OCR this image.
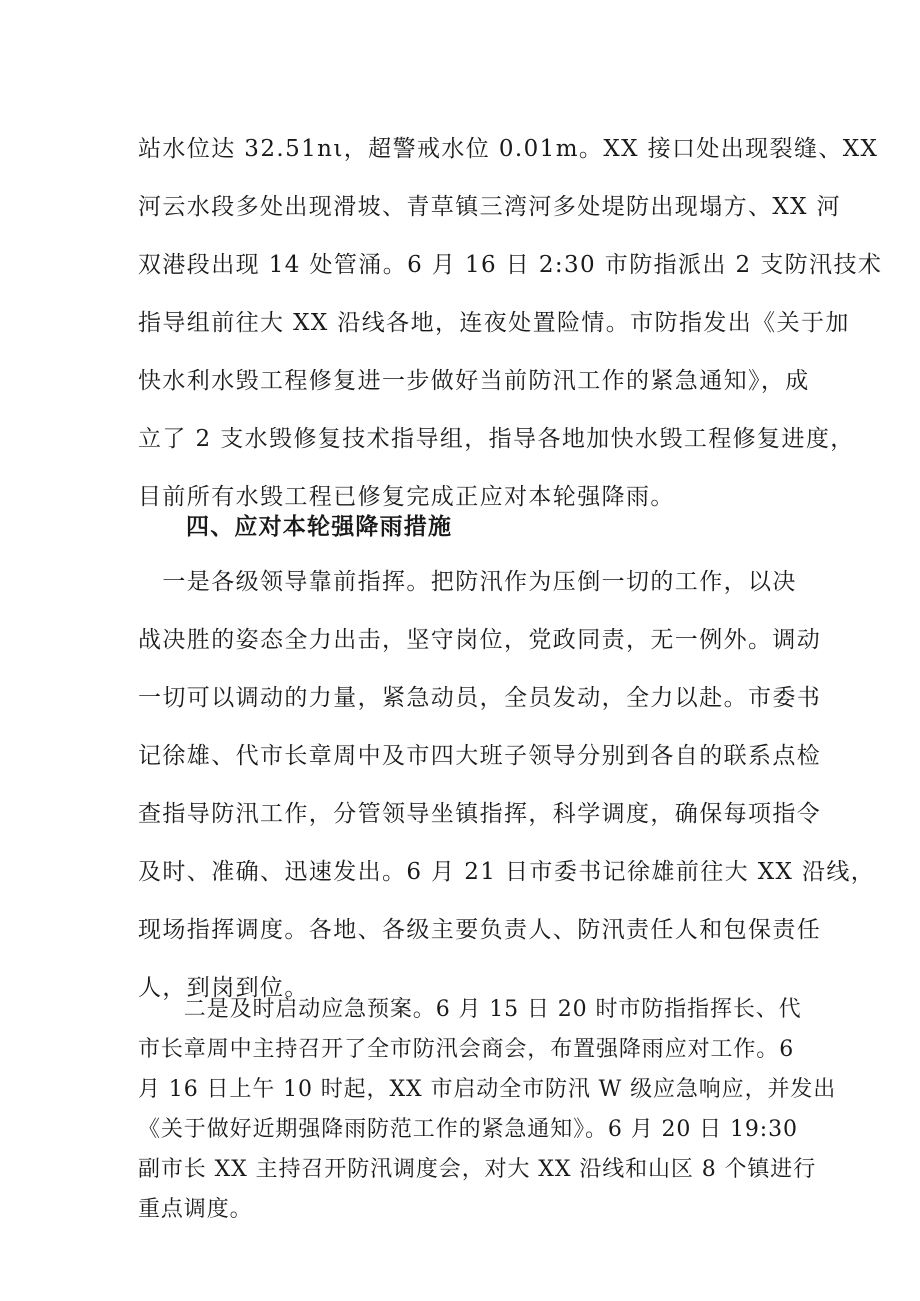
站水位达 32.51nι，超警戒水位 0.01m。XX 接口处出现裂缝、XX
河云水段多处出现滑坡、青草镇三湾河多处堤防出现塌方、XX 河
双港段出现 14 处管涌。6 月 16 日 2:30 市防指派出 2 支防汛技术
指导组前往大 XX 沿线各地，连夜处置险情。市防指发出《关于加
快水利水毁工程修复进一步做好当前防汛工作的紧急通知》，成
立了 2 支水毁修复技术指导组，指导各地加快水毁工程修复进度，
目前所有水毁工程已修复完成正应对本轮强降雨。
四、应对本轮强降雨措施
　一是各级领导靠前指挥。把防汛作为压倒一切的工作，以决
战决胜的姿态全力出击，坚守岗位，党政同责，无一例外。调动
一切可以调动的力量，紧急动员，全员发动，全力以赴。市委书
记徐雄、代市长章周中及市四大班子领导分别到各自的联系点检
查指导防汛工作，分管领导坐镇指挥，科学调度，确保每项指令
及时、准确、迅速发出。6 月 21 日市委书记徐雄前往大 XX 沿线，
现场指挥调度。各地、各级主要负责人、防汛责任人和包保责任
人，到岗到位。
　　二是及时启动应急预案。6 月 15 日 20 时市防指指挥长、代
市长章周中主持召开了全市防汛会商会，布置强降雨应对工作。6
月 16 日上午 10 时起，XX 市启动全市防汛 W 级应急响应，并发出
《关于做好近期强降雨防范工作的紧急通知》。6 月 20 日 19:30
副市长 XX 主持召开防汛调度会，对大 XX 沿线和山区 8 个镇进行
重点调度。
